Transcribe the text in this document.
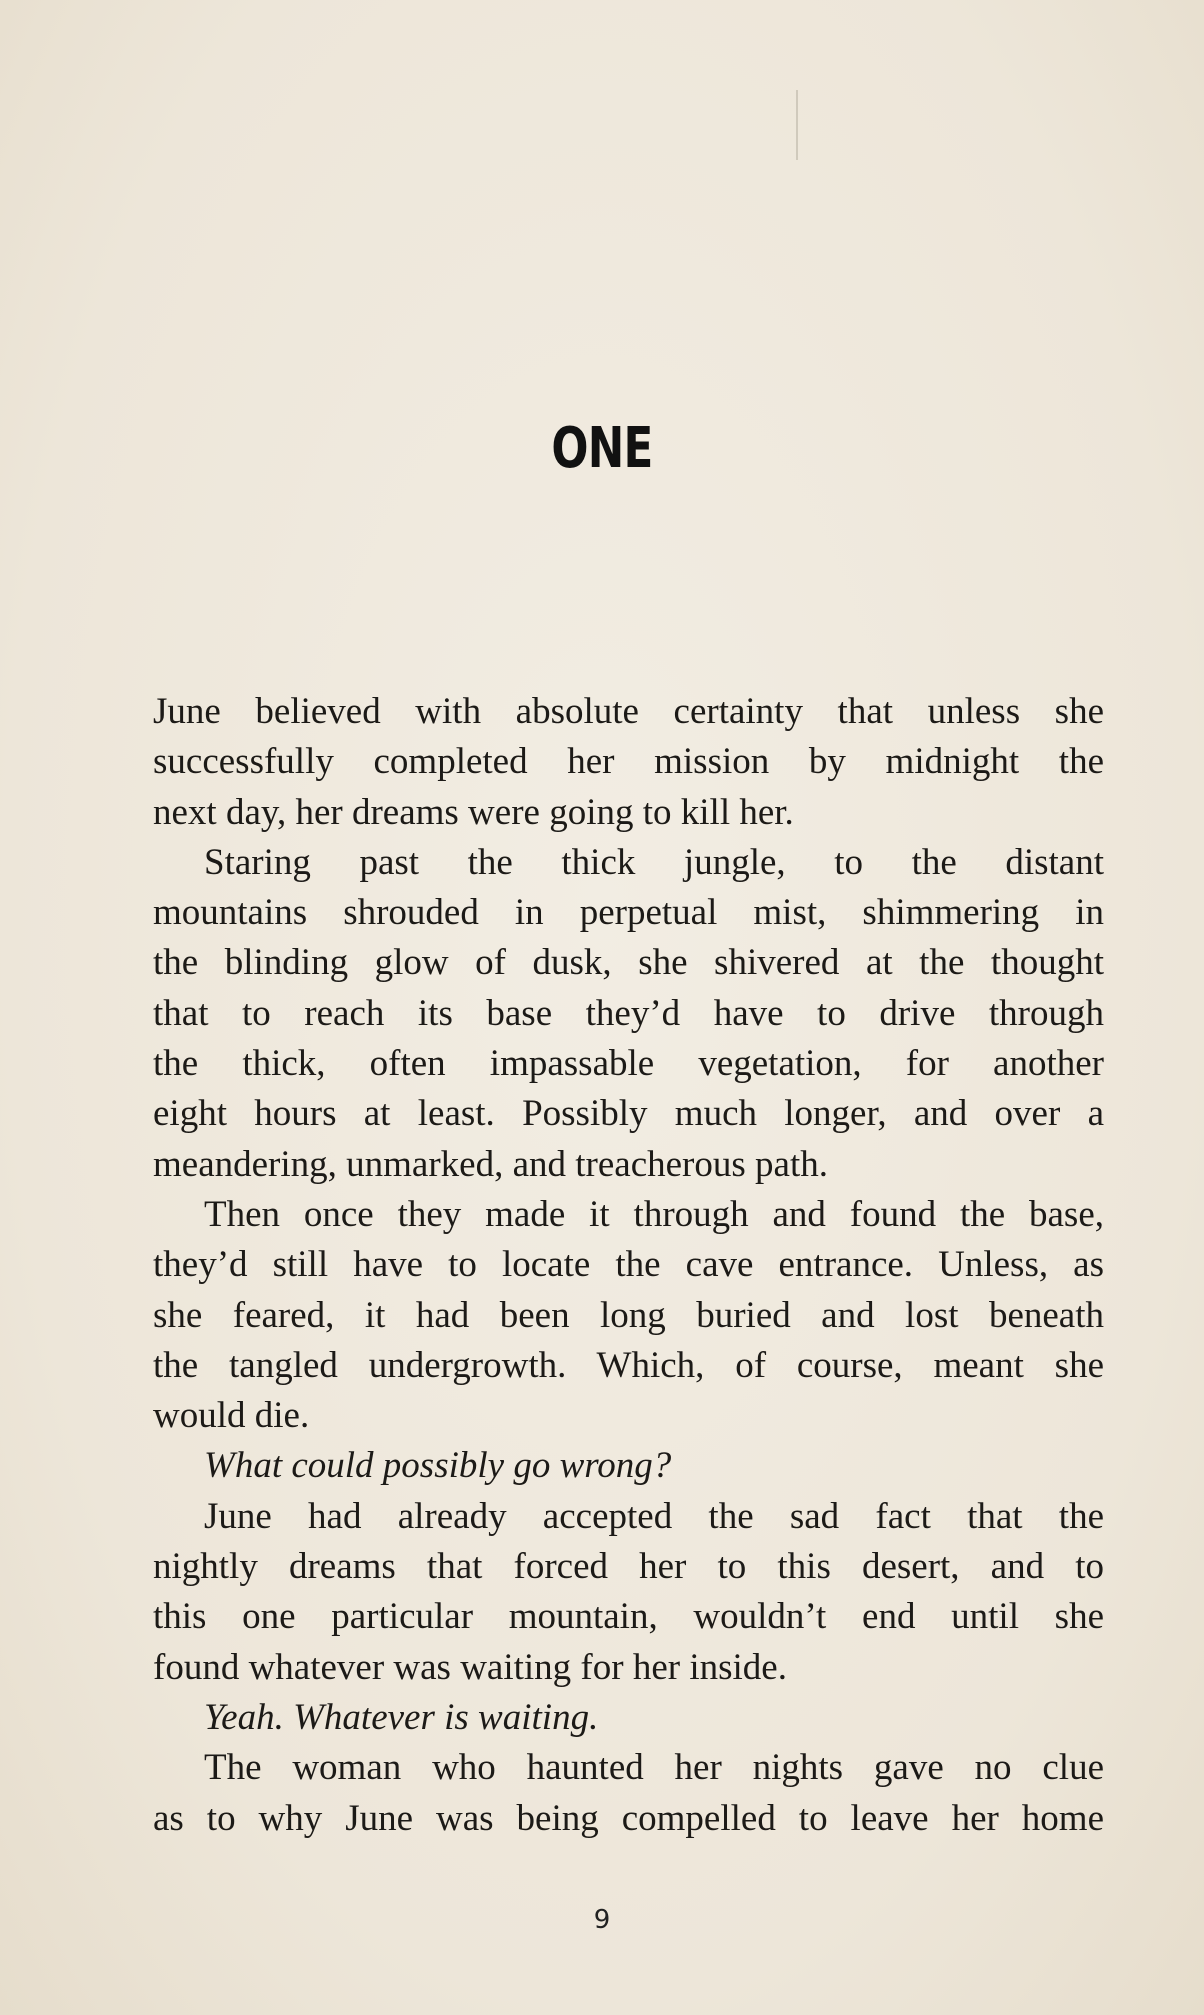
ONE
June believed with absolute certainty that unless she
successfully completed her mission by midnight the
next day, her dreams were going to kill her.
Staring past the thick jungle, to the distant
mountains shrouded in perpetual mist, shimmering in
the blinding glow of dusk, she shivered at the thought
that to reach its base they’d have to drive through
the thick, often impassable vegetation, for another
eight hours at least. Possibly much longer, and over a
meandering, unmarked, and treacherous path.
Then once they made it through and found the base,
they’d still have to locate the cave entrance. Unless, as
she feared, it had been long buried and lost beneath
the tangled undergrowth. Which, of course, meant she
would die.
What could possibly go wrong?
June had already accepted the sad fact that the
nightly dreams that forced her to this desert, and to
this one particular mountain, wouldn’t end until she
found whatever was waiting for her inside.
Yeah. Whatever is waiting.
The woman who haunted her nights gave no clue
as to why June was being compelled to leave her home
9
